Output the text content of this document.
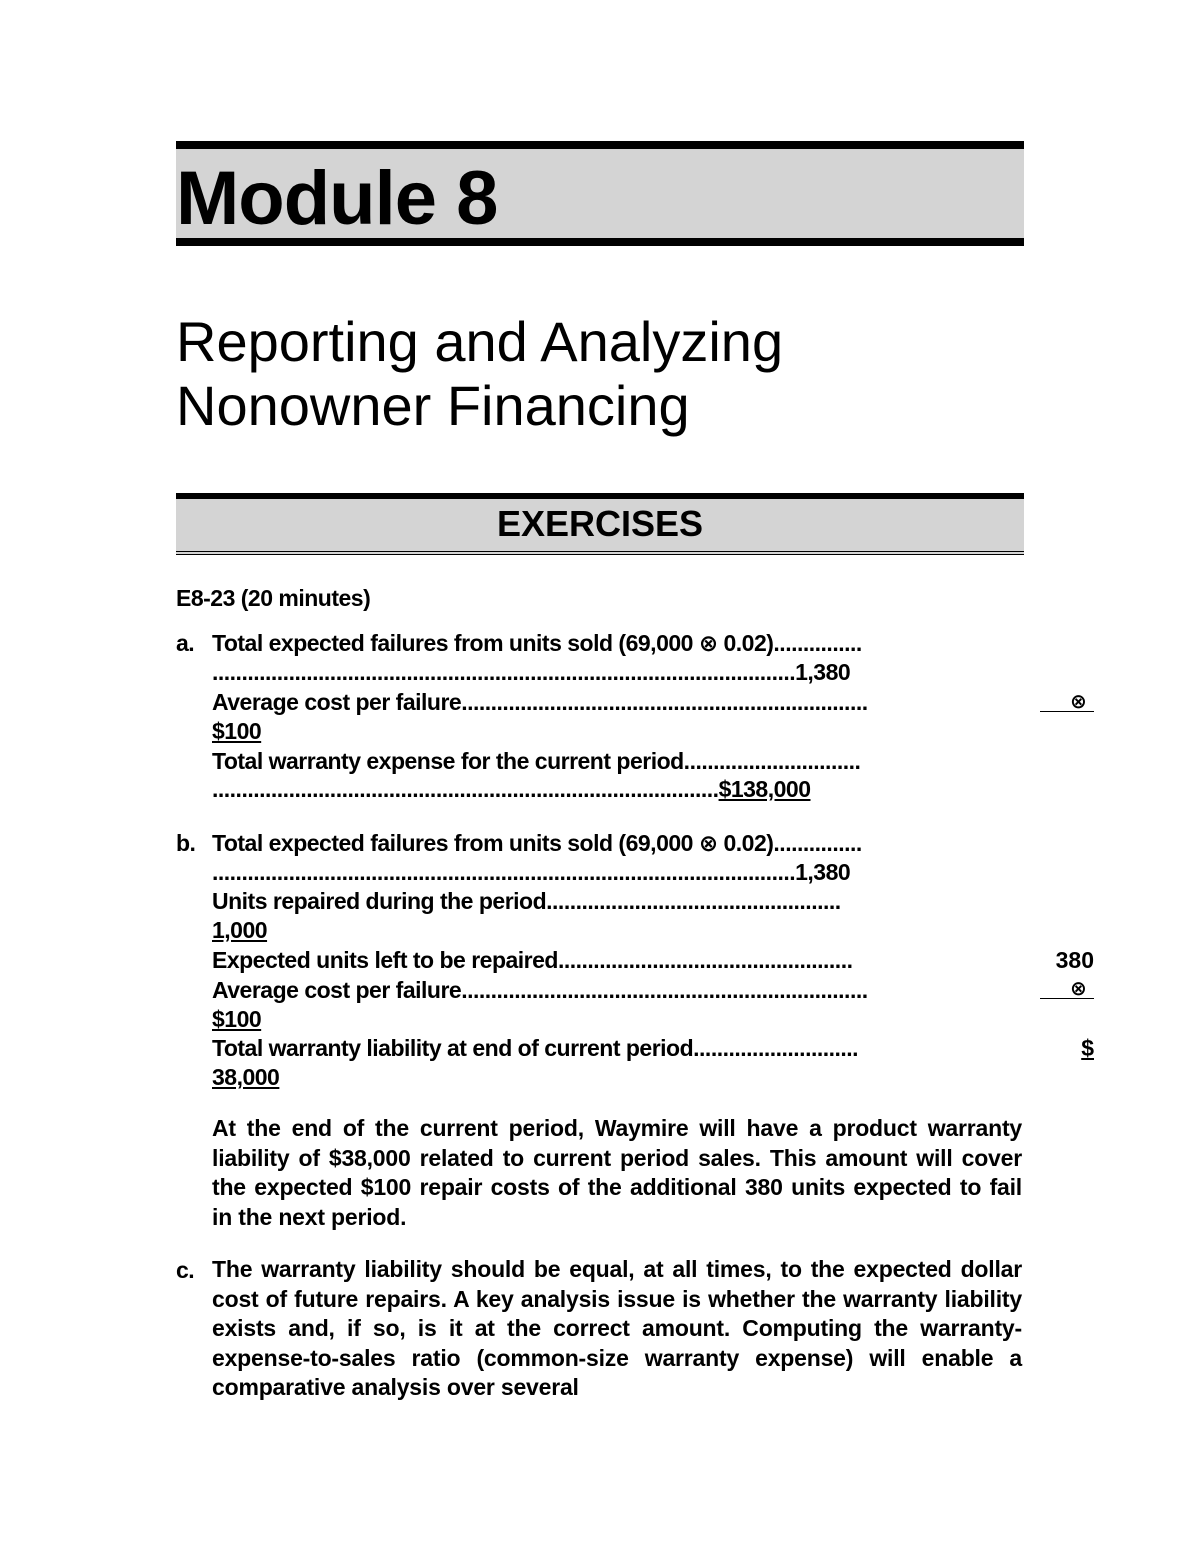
Module 8
Reporting and Analyzing
Nonowner Financing
EXERCISES
E8-23 (20 minutes)
a. Total expected failures from units sold (69,000 ⊗ 0.02)...............
...................................................................................................1,380
Average cost per failure.....................................................................	⊗
$100
Total warranty expense for the current period..............................
......................................................................................$138,000
b. Total expected failures from units sold (69,000 ⊗ 0.02)...............
...................................................................................................1,380
Units repaired during the period..................................................
1,000
Expected units left to be repaired..................................................	380
Average cost per failure.....................................................................	⊗
$100
Total warranty liability at end of current period............................	$
38,000
At the end of the current period, Waymire will have a product warranty liability of $38,000 related to current period sales. This amount will cover the expected $100 repair costs of the additional 380 units expected to fail in the next period.
c. The warranty liability should be equal, at all times, to the expected dollar cost of future repairs. A key analysis issue is whether the warranty liability exists and, if so, is it at the correct amount. Computing the warranty-expense-to-sales ratio (common-size warranty expense) will enable a comparative analysis over several
